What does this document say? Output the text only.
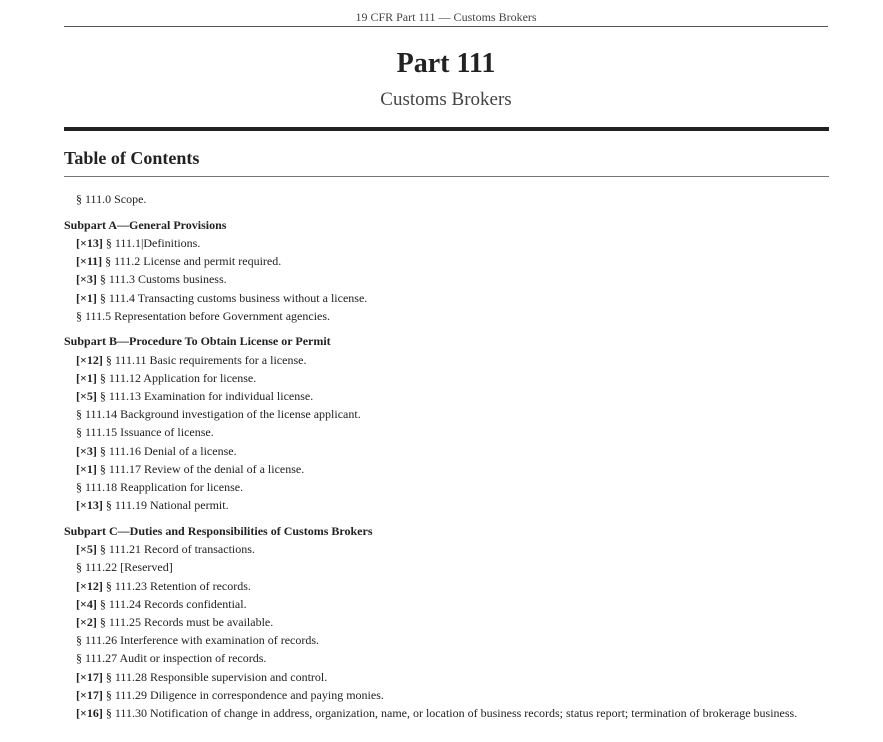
19 CFR Part 111 — Customs Brokers
Part 111
Customs Brokers
Table of Contents
§ 111.0 Scope.
Subpart A—General Provisions
[×13] § 111.1|Definitions.
[×11] § 111.2 License and permit required.
[×3] § 111.3 Customs business.
[×1] § 111.4 Transacting customs business without a license.
§ 111.5 Representation before Government agencies.
Subpart B—Procedure To Obtain License or Permit
[×12] § 111.11 Basic requirements for a license.
[×1] § 111.12 Application for license.
[×5] § 111.13 Examination for individual license.
§ 111.14 Background investigation of the license applicant.
§ 111.15 Issuance of license.
[×3] § 111.16 Denial of a license.
[×1] § 111.17 Review of the denial of a license.
§ 111.18 Reapplication for license.
[×13] § 111.19 National permit.
Subpart C—Duties and Responsibilities of Customs Brokers
[×5] § 111.21 Record of transactions.
§ 111.22 [Reserved]
[×12] § 111.23 Retention of records.
[×4] § 111.24 Records confidential.
[×2] § 111.25 Records must be available.
§ 111.26 Interference with examination of records.
§ 111.27 Audit or inspection of records.
[×17] § 111.28 Responsible supervision and control.
[×17] § 111.29 Diligence in correspondence and paying monies.
[×16] § 111.30 Notification of change in address, organization, name, or location of business records; status report; termination of brokerage business.
